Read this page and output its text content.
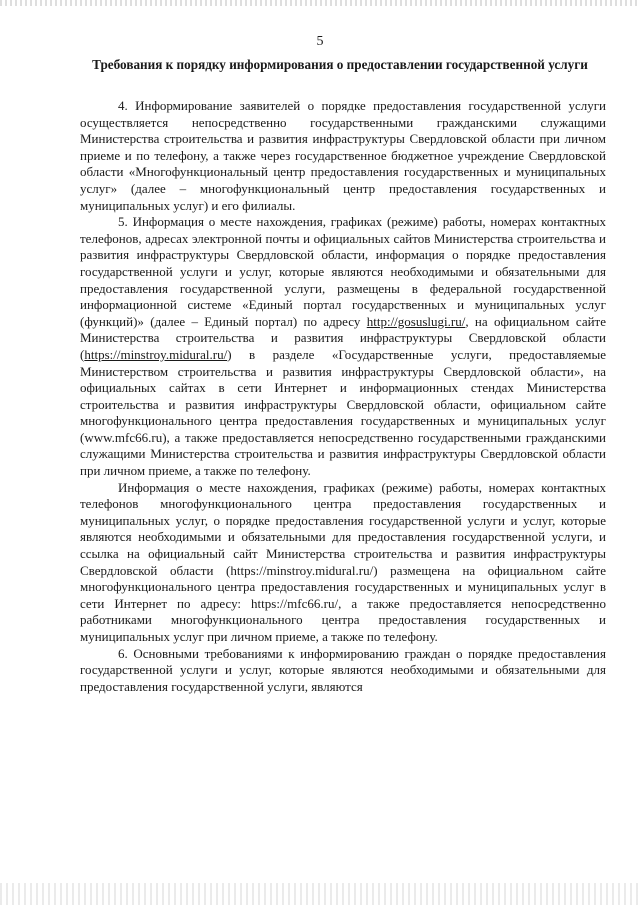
5
Требования к порядку информирования о предоставлении государственной услуги

4. Информирование заявителей о порядке предоставления государственной услуги осуществляется непосредственно государственными гражданскими служащими Министерства строительства и развития инфраструктуры Свердловской области при личном приеме и по телефону, а также через государственное бюджетное учреждение Свердловской области «Многофункциональный центр предоставления государственных и муниципальных услуг» (далее – многофункциональный центр предоставления государственных и муниципальных услуг) и его филиалы.

5. Информация о месте нахождения, графиках (режиме) работы, номерах контактных телефонов, адресах электронной почты и официальных сайтов Министерства строительства и развития инфраструктуры Свердловской области, информация о порядке предоставления государственной услуги и услуг, которые являются необходимыми и обязательными для предоставления государственной услуги, размещены в федеральной государственной информационной системе «Единый портал государственных и муниципальных услуг (функций)» (далее – Единый портал) по адресу http://gosuslugi.ru/, на официальном сайте Министерства строительства и развития инфраструктуры Свердловской области (https://minstroy.midural.ru/) в разделе «Государственные услуги, предоставляемые Министерством строительства и развития инфраструктуры Свердловской области», на официальных сайтах в сети Интернет и информационных стендах Министерства строительства и развития инфраструктуры Свердловской области, официальном сайте многофункционального центра предоставления государственных и муниципальных услуг (www.mfc66.ru), а также предоставляется непосредственно государственными гражданскими служащими Министерства строительства и развития инфраструктуры Свердловской области при личном приеме, а также по телефону.

Информация о месте нахождения, графиках (режиме) работы, номерах контактных телефонов многофункционального центра предоставления государственных и муниципальных услуг, о порядке предоставления государственной услуги и услуг, которые являются необходимыми и обязательными для предоставления государственной услуги, и ссылка на официальный сайт Министерства строительства и развития инфраструктуры Свердловской области (https://minstroy.midural.ru/) размещена на официальном сайте многофункционального центра предоставления государственных и муниципальных услуг в сети Интернет по адресу: https://mfc66.ru/, а также предоставляется непосредственно работниками многофункционального центра предоставления государственных и муниципальных услуг при личном приеме, а также по телефону.

6. Основными требованиями к информированию граждан о порядке предоставления государственной услуги и услуг, которые являются необходимыми и обязательными для предоставления государственной услуги, являются
